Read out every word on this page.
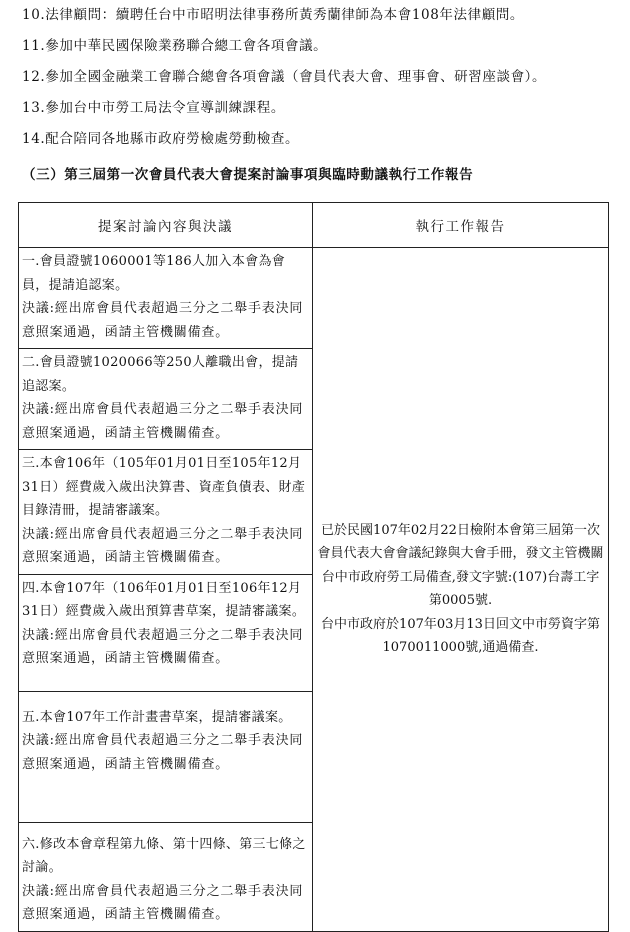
10.法律顧問：續聘任台中市昭明法律事務所黃秀蘭律師為本會108年法律顧問。
11.參加中華民國保險業務聯合總工會各項會議。
12.參加全國金融業工會聯合總會各項會議（會員代表大會、理事會、研習座談會）。
13.參加台中市勞工局法令宣導訓練課程。
14.配合陪同各地縣市政府勞檢處勞動檢查。
（三）第三屆第一次會員代表大會提案討論事項與臨時動議執行工作報告
提案討論內容與決議	執行工作報告

一.會員證號1060001等186人加入本會為會員，提請追認案。
決議:經出席會員代表超過三分之二舉手表決同意照案通過，函請主管機關備查。	已於民國107年02月22日檢附本會第三屆第一次會員代表大會會議紀錄與大會手冊，發文主管機關台中市政府勞工局備查,發文字號:(107)台壽工字第0005號.
台中市政府於107年03月13日回文中市勞資字第1070011000號,通過備查.

二.會員證號1020066等250人離職出會，提請追認案。
決議:經出席會員代表超過三分之二舉手表決同意照案通過，函請主管機關備查。	

三.本會106年（105年01月01日至105年12月31日）經費歲入歲出決算書、資產負債表、財產目錄清冊，提請審議案。
決議:經出席會員代表超過三分之二舉手表決同意照案通過，函請主管機關備查。	

四.本會107年（106年01月01日至106年12月31日）經費歲入歲出預算書草案，提請審議案。
決議:經出席會員代表超過三分之二舉手表決同意照案通過，函請主管機關備查。	

五.本會107年工作計畫書草案，提請審議案。
決議:經出席會員代表超過三分之二舉手表決同意照案通過，函請主管機關備查。	

六.修改本會章程第九條、第十四條、第三七條之討論。
決議:經出席會員代表超過三分之二舉手表決同意照案通過，函請主管機關備查。	
